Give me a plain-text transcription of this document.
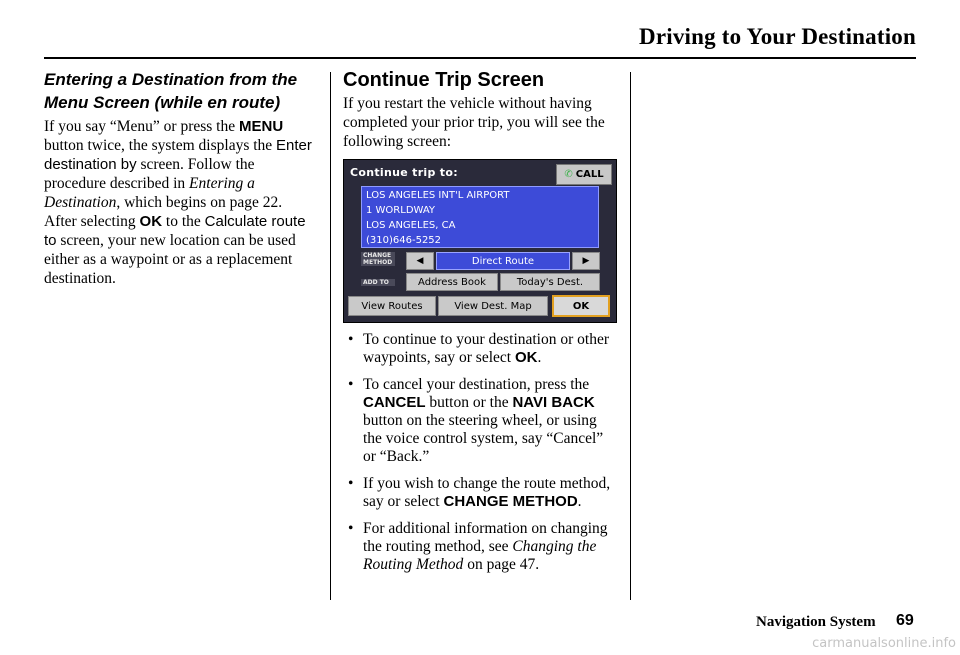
Driving to Your Destination
Entering a Destination from the
Menu Screen (while en route)

If you say “Menu” or press the MENU button twice, the system displays the Enter destination by screen. Follow the procedure described in Entering a Destination, which begins on page 22. After selecting OK to the Calculate route to screen, your new location can be used either as a waypoint or as a replacement destination.

Continue Trip Screen

If you restart the vehicle without having completed your prior trip, you will see the following screen:

Continue trip to:	✆ CALL
LOS ANGELES INT'L AIRPORT
1 WORLDWAY
LOS ANGELES, CA
(310)646-5252
CHANGE METHOD	◀	Direct Route	▶
ADD TO	Address Book	Today's Dest.
View Routes	View Dest. Map	OK
• To continue to your destination or other waypoints, say or select OK.
• To cancel your destination, press the CANCEL button or the NAVI BACK button on the steering wheel, or using the voice control system, say “Cancel” or “Back.”
• If you wish to change the route method, say or select CHANGE METHOD.
• For additional information on changing the routing method, see Changing the Routing Method on page 47.
Navigation System 69
carmanualsonline.info
